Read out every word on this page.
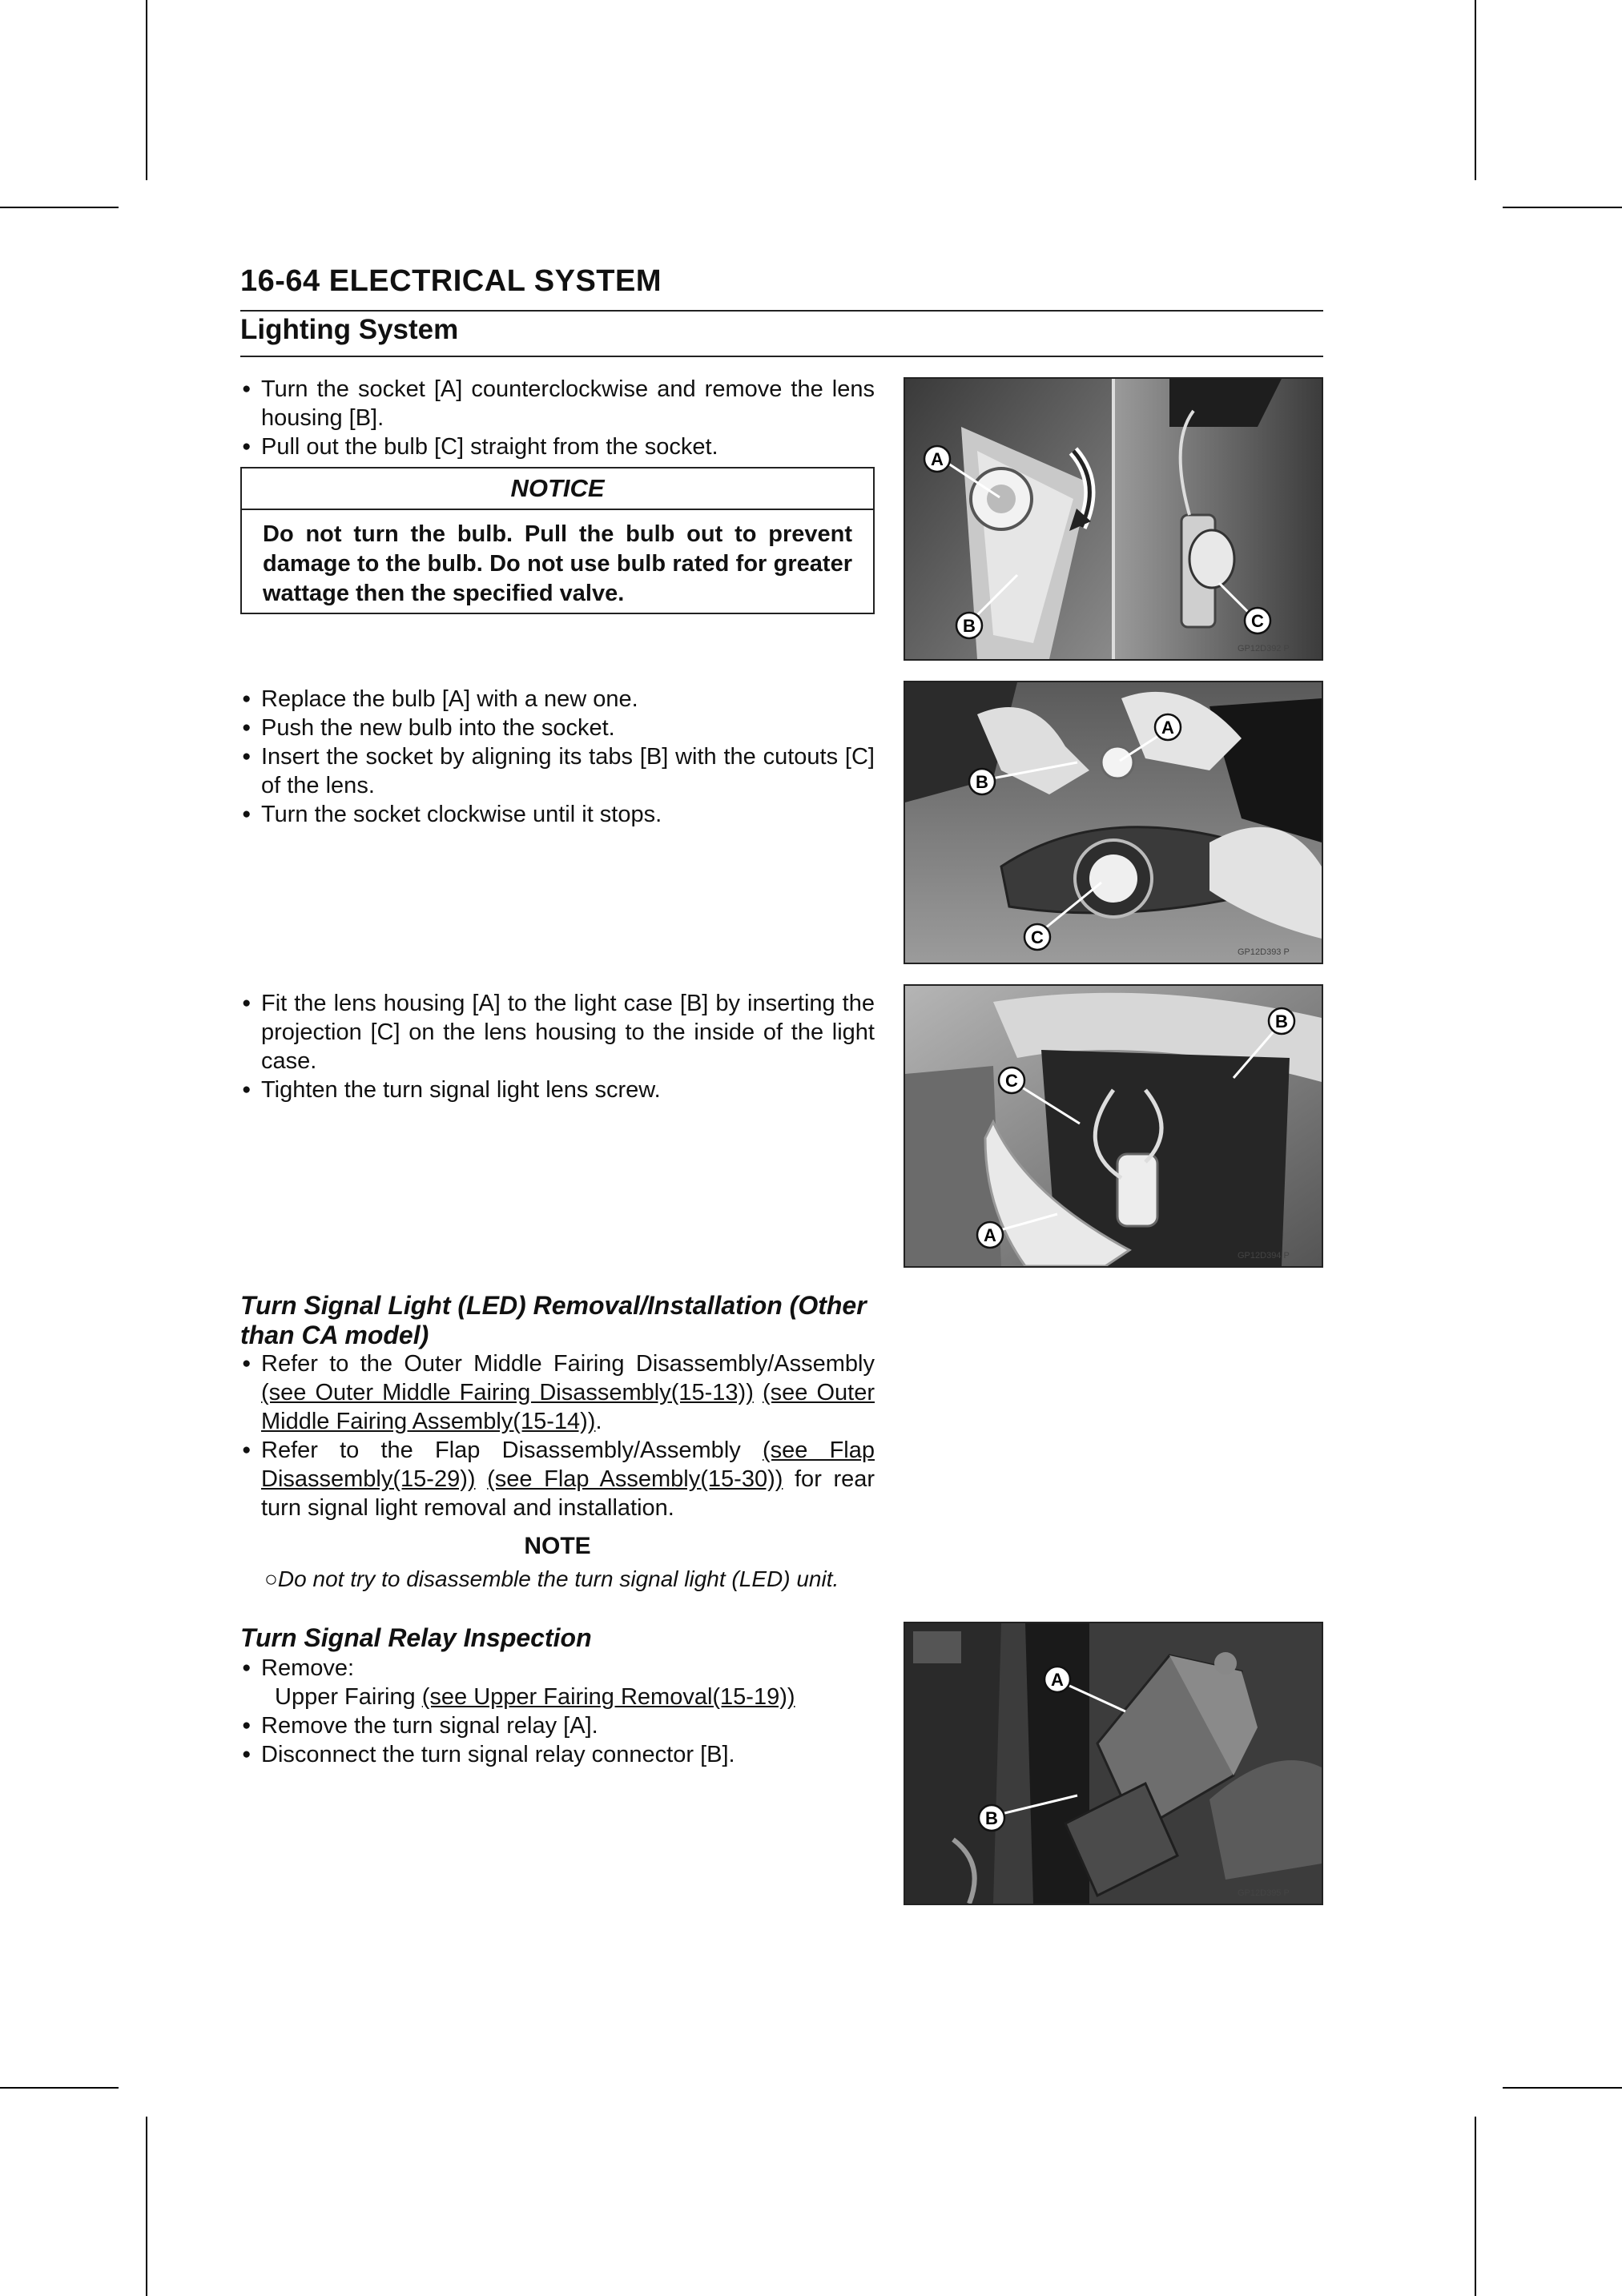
16-64 ELECTRICAL SYSTEM
Lighting System
● Turn the socket [A] counterclockwise and remove the lens housing [B].
● Pull out the bulb [C] straight from the socket.
NOTICE
Do not turn the bulb. Pull the bulb out to prevent damage to the bulb. Do not use bulb rated for greater wattage then the specified valve.
A
B	C
GP12D392 P
● Replace the bulb [A] with a new one.
● Push the new bulb into the socket.
● Insert the socket by aligning its tabs [B] with the cutouts [C] of the lens.
● Turn the socket clockwise until it stops.
A
B
C
GP12D393 P
● Fit the lens housing [A] to the light case [B] by inserting the projection [C] on the lens housing to the inside of the light case.
● Tighten the turn signal light lens screw.	C
B
A
GP12D394 P
Turn Signal Light (LED) Removal/Installation (Other than CA model)
● Refer to the Outer Middle Fairing Disassembly/Assembly (see Outer Middle Fairing Disassembly(15-13)) (see Outer Middle Fairing Assembly(15-14)).
● Refer to the Flap Disassembly/Assembly (see Flap Disassembly(15-29)) (see Flap Assembly(15-30)) for rear turn signal light removal and installation.
NOTE
○Do not try to disassemble the turn signal light (LED) unit.
Turn Signal Relay Inspection
● Remove:
Upper Fairing (see Upper Fairing Removal(15-19))
● Remove the turn signal relay [A].
● Disconnect the turn signal relay connector [B].
A
B
GP12D395 P
